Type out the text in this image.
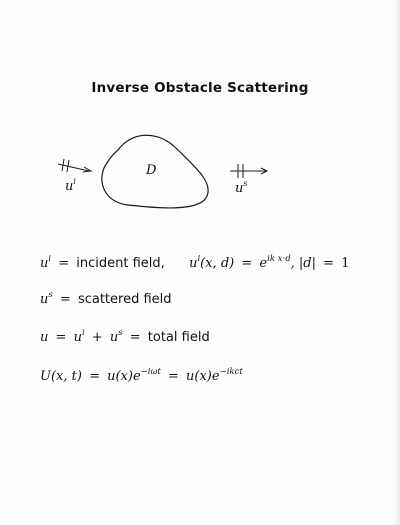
Inverse Obstacle Scattering
D
$u^i$	$u^s$
$u^i$ = incident field, $u^i(x$, $d) = e^{ik x\cdot d}$, |d| = 1
$u^s$ = scattered field
$u = u^i + u^s$ = total field
U(x, $t) = u(x)e^{-i\omega t} = u(x)e^{-ikct}$
